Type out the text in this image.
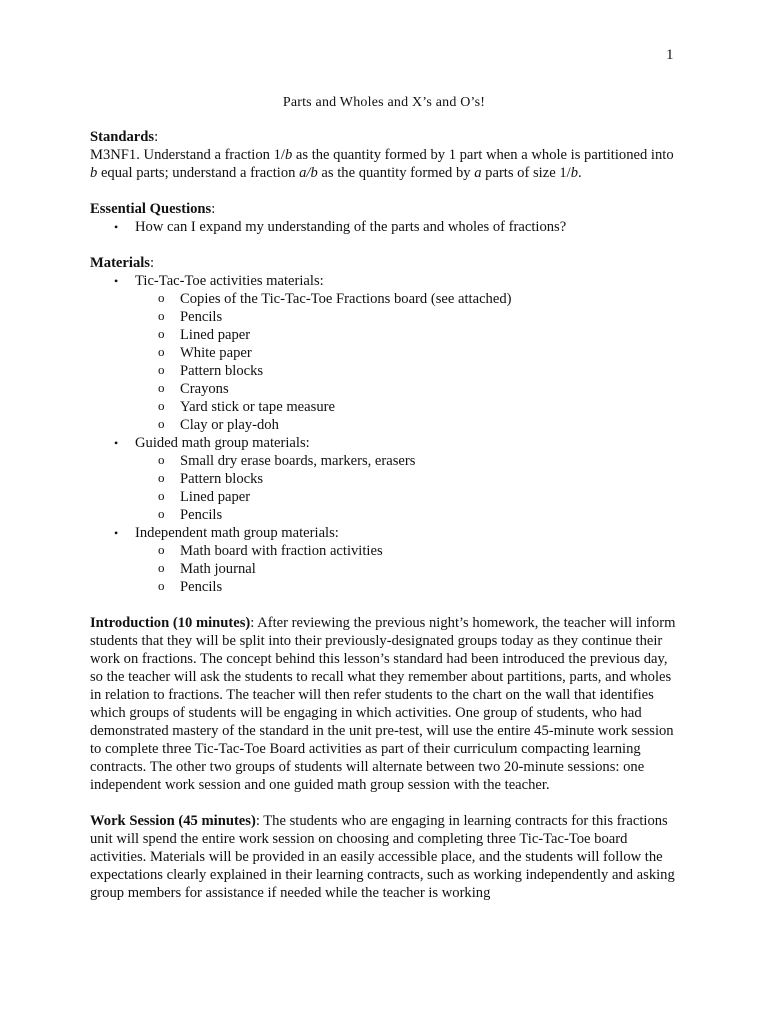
1
Parts and Wholes and X’s and O’s!
Standards:

M3NF1. Understand a fraction 1/b as the quantity formed by 1 part when a whole is partitioned into b equal parts; understand a fraction a/b as the quantity formed by a parts of size 1/b.

Essential Questions:
• How can I expand my understanding of the parts and wholes of fractions?
Materials:
• Tic-Tac-Toe activities materials:
o Copies of the Tic-Tac-Toe Fractions board (see attached)
o Pencils
o Lined paper
o White paper
o Pattern blocks
o Crayons
o Yard stick or tape measure
o Clay or play-doh
• Guided math group materials:
o Small dry erase boards, markers, erasers
o Pattern blocks
o Lined paper
o Pencils
• Independent math group materials:
o Math board with fraction activities
o Math journal
o Pencils

Introduction (10 minutes): After reviewing the previous night’s homework, the teacher will inform students that they will be split into their previously-designated groups today as they continue their work on fractions. The concept behind this lesson’s standard had been introduced the previous day, so the teacher will ask the students to recall what they remember about partitions, parts, and wholes in relation to fractions. The teacher will then refer students to the chart on the wall that identifies which groups of students will be engaging in which activities. One group of students, who had demonstrated mastery of the standard in the unit pre-test, will use the entire 45-minute work session to complete three Tic-Tac-Toe Board activities as part of their curriculum compacting learning contracts. The other two groups of students will alternate between two 20-minute sessions: one independent work session and one guided math group session with the teacher.

Work Session (45 minutes): The students who are engaging in learning contracts for this fractions unit will spend the entire work session on choosing and completing three Tic-Tac-Toe board activities. Materials will be provided in an easily accessible place, and the students will follow the expectations clearly explained in their learning contracts, such as working independently and asking group members for assistance if needed while the teacher is working
